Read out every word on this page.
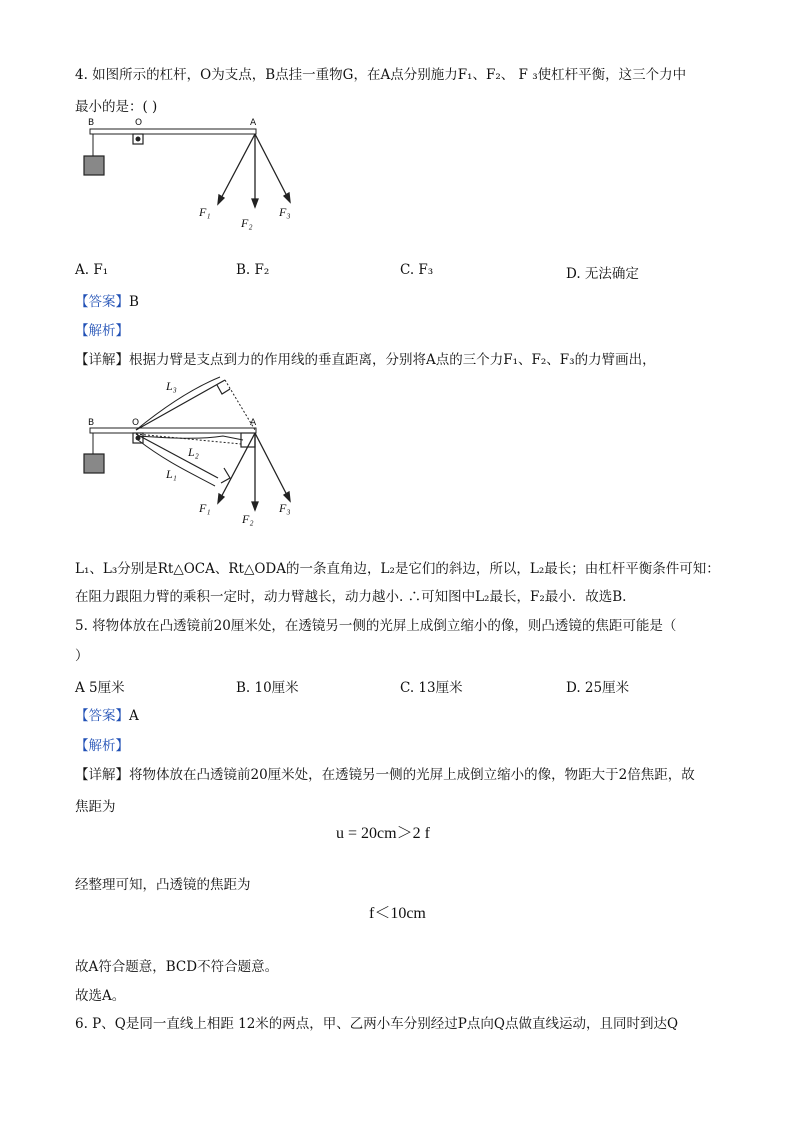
4. 如图所示的杠杆，O为支点，B点挂一重物G，在A点分别施力F₁、F₂、 F ₃使杠杆平衡，这三个力中
最小的是：( )
B	O	A
F₁
F₂
F₃
A. F₁	B. F₂	C. F₃	D. 无法确定
【答案】B
【解析】
【详解】根据力臂是支点到力的作用线的垂直距离，分别将A点的三个力F₁、F₂、F₃的力臂画出，
B	O	A
L₃
L₂
L₁
F₁
F₂
F₃
L₁、L₃分别是Rt△OCA、Rt△ODA的一条直角边，L₂是它们的斜边，所以，L₂最长；由杠杆平衡条件可知：
在阻力跟阻力臂的乘积一定时，动力臂越长，动力越小. ∴可知图中L₂最长，F₂最小．故选B.
5. 将物体放在凸透镜前20厘米处，在透镜另一侧的光屏上成倒立缩小的像，则凸透镜的焦距可能是（
）
A 5厘米	B. 10厘米	C. 13厘米	D. 25厘米
【答案】A
【解析】
【详解】将物体放在凸透镜前20厘米处，在透镜另一侧的光屏上成倒立缩小的像，物距大于2倍焦距，故
焦距为
u = 20cm＞2 f
经整理可知，凸透镜的焦距为
f＜10cm
故A符合题意，BCD不符合题意。
故选A。
6. P、Q是同一直线上相距 12米的两点，甲、乙两小车分别经过P点向Q点做直线运动，且同时到达Q
